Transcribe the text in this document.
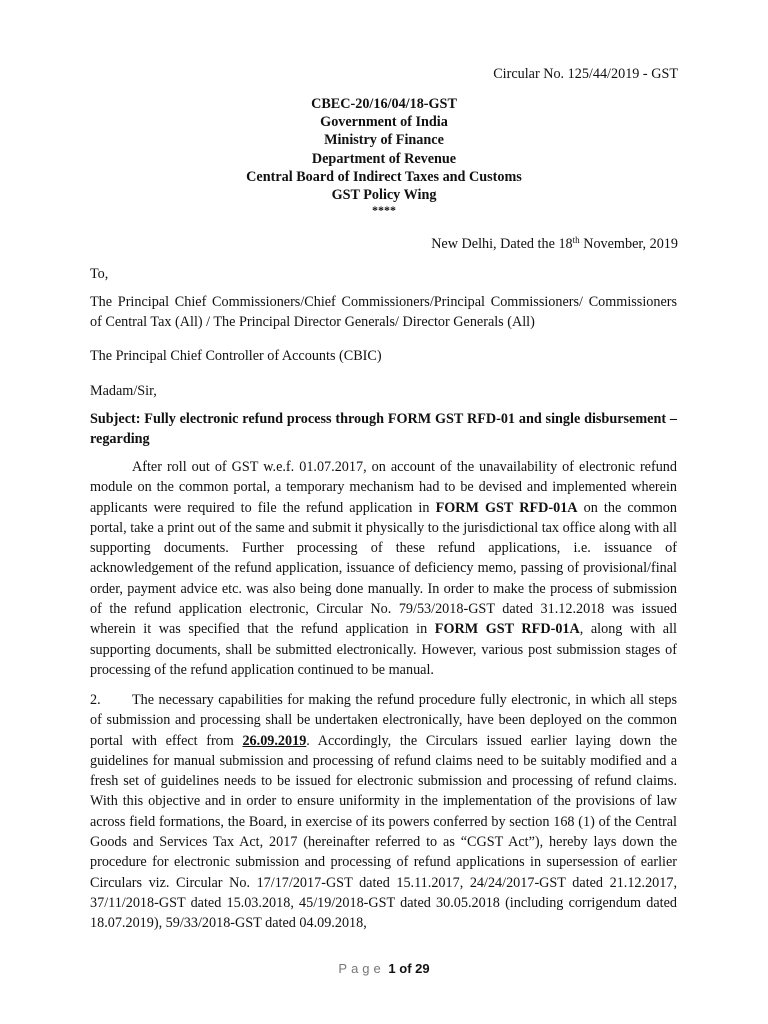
Circular No. 125/44/2019 - GST
CBEC-20/16/04/18-GST
Government of India
Ministry of Finance
Department of Revenue
Central Board of Indirect Taxes and Customs
GST Policy Wing
****
New Delhi, Dated the 18th November, 2019
To,
The Principal Chief Commissioners/Chief Commissioners/Principal Commissioners/ Commissioners of Central Tax (All) / The Principal Director Generals/ Director Generals (All)
The Principal Chief Controller of Accounts (CBIC)
Madam/Sir,
Subject: Fully electronic refund process through FORM GST RFD-01 and single disbursement – regarding
After roll out of GST w.e.f. 01.07.2017, on account of the unavailability of electronic refund module on the common portal, a temporary mechanism had to be devised and implemented wherein applicants were required to file the refund application in FORM GST RFD-01A on the common portal, take a print out of the same and submit it physically to the jurisdictional tax office along with all supporting documents. Further processing of these refund applications, i.e. issuance of acknowledgement of the refund application, issuance of deficiency memo, passing of provisional/final order, payment advice etc. was also being done manually. In order to make the process of submission of the refund application electronic, Circular No. 79/53/2018-GST dated 31.12.2018 was issued wherein it was specified that the refund application in FORM GST RFD-01A, along with all supporting documents, shall be submitted electronically. However, various post submission stages of processing of the refund application continued to be manual.
2. The necessary capabilities for making the refund procedure fully electronic, in which all steps of submission and processing shall be undertaken electronically, have been deployed on the common portal with effect from 26.09.2019. Accordingly, the Circulars issued earlier laying down the guidelines for manual submission and processing of refund claims need to be suitably modified and a fresh set of guidelines needs to be issued for electronic submission and processing of refund claims. With this objective and in order to ensure uniformity in the implementation of the provisions of law across field formations, the Board, in exercise of its powers conferred by section 168 (1) of the Central Goods and Services Tax Act, 2017 (hereinafter referred to as “CGST Act”), hereby lays down the procedure for electronic submission and processing of refund applications in supersession of earlier Circulars viz. Circular No. 17/17/2017-GST dated 15.11.2017, 24/24/2017-GST dated 21.12.2017, 37/11/2018-GST dated 15.03.2018, 45/19/2018-GST dated 30.05.2018 (including corrigendum dated 18.07.2019), 59/33/2018-GST dated 04.09.2018,
Page 1 of 29
